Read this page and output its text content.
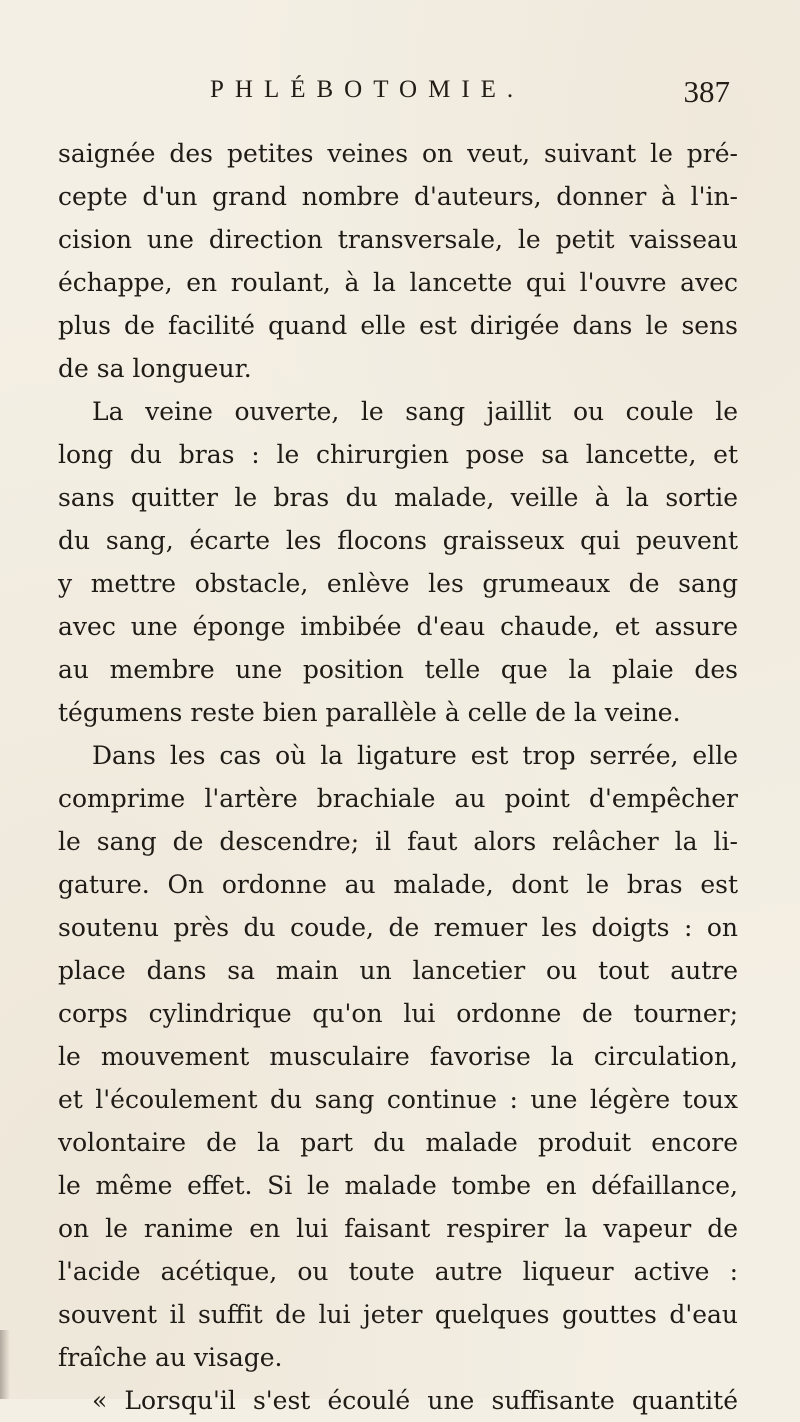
PHLÉBOTOMIE.	387
saignée des petites veines on veut, suivant le pré-
cepte d'un grand nombre d'auteurs, donner à l'in-
cision une direction transversale, le petit vaisseau
échappe, en roulant, à la lancette qui l'ouvre avec
plus de facilité quand elle est dirigée dans le sens
de sa longueur.
La veine ouverte, le sang jaillit ou coule le
long du bras : le chirurgien pose sa lancette, et
sans quitter le bras du malade, veille à la sortie
du sang, écarte les flocons graisseux qui peuvent
y mettre obstacle, enlève les grumeaux de sang
avec une éponge imbibée d'eau chaude, et assure
au membre une position telle que la plaie des
tégumens reste bien parallèle à celle de la veine.
Dans les cas où la ligature est trop serrée, elle
comprime l'artère brachiale au point d'empêcher
le sang de descendre; il faut alors relâcher la li-
gature. On ordonne au malade, dont le bras est
soutenu près du coude, de remuer les doigts : on
place dans sa main un lancetier ou tout autre
corps cylindrique qu'on lui ordonne de tourner;
le mouvement musculaire favorise la circulation,
et l'écoulement du sang continue : une légère toux
volontaire de la part du malade produit encore
le même effet. Si le malade tombe en défaillance,
on le ranime en lui faisant respirer la vapeur de
l'acide acétique, ou toute autre liqueur active :
souvent il suffit de lui jeter quelques gouttes d'eau
fraîche au visage.
« Lorsqu'il s'est écoulé une suffisante quantité
